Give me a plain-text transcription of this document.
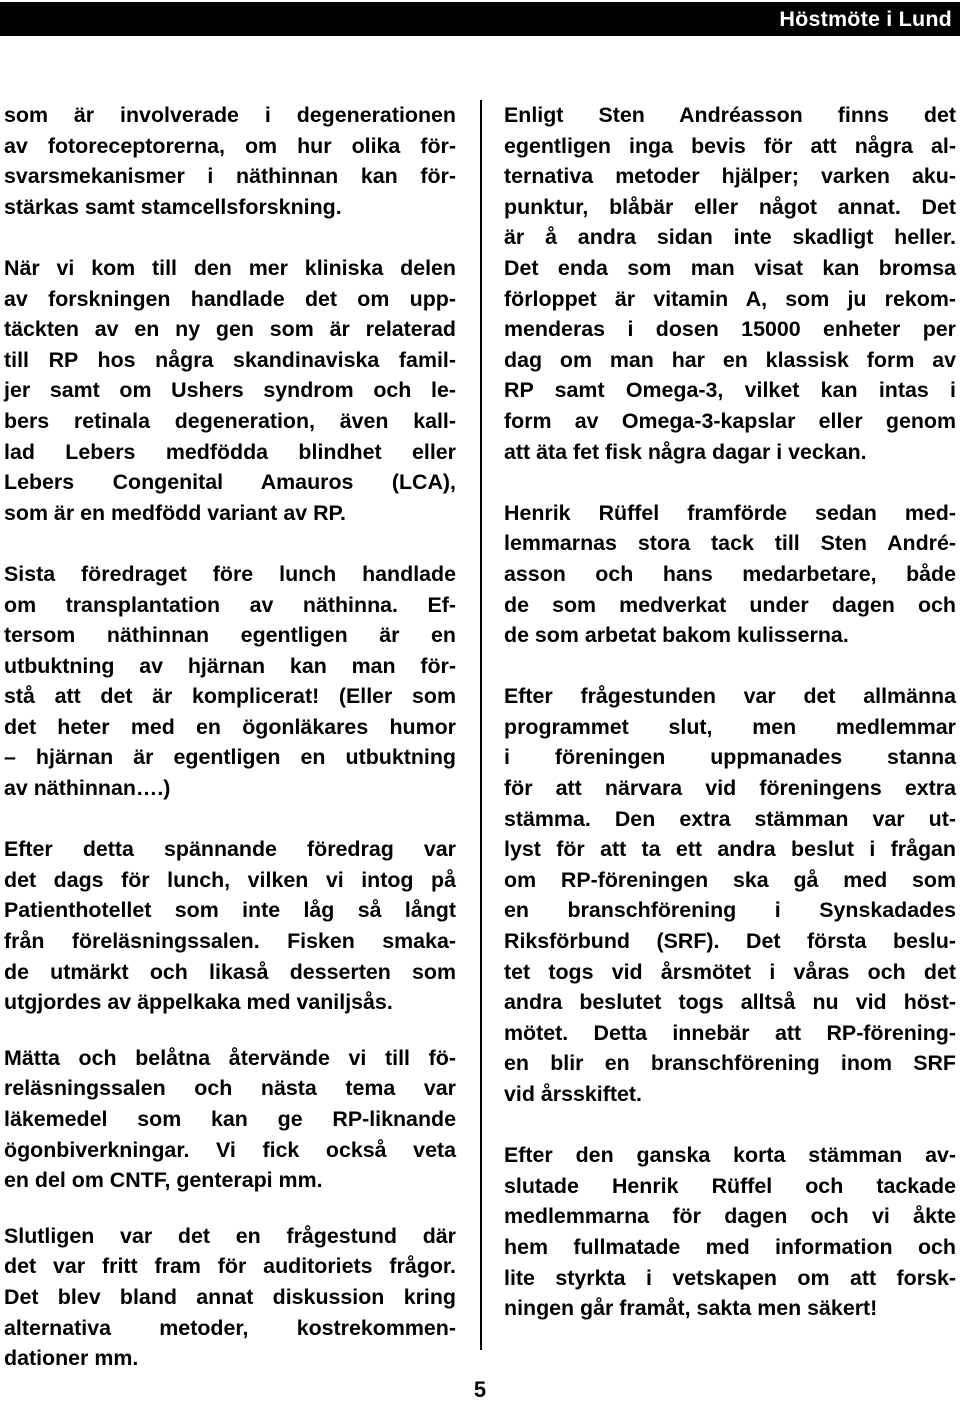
Höstmöte i Lund
som är involverade i degenerationen
av fotoreceptorerna, om hur olika för-
svarsmekanismer i näthinnan kan för-
stärkas samt stamcellsforskning.
När vi kom till den mer kliniska delen
av forskningen handlade det om upp-
täckten av en ny gen som är relaterad
till RP hos några skandinaviska famil-
jer samt om Ushers syndrom och le-
bers retinala degeneration, även kall-
lad Lebers medfödda blindhet eller
Lebers Congenital Amauros (LCA),
som är en medfödd variant av RP.
Sista föredraget före lunch handlade
om transplantation av näthinna. Ef-
tersom näthinnan egentligen är en
utbuktning av hjärnan kan man för-
stå att det är komplicerat! (Eller som
det heter med en ögonläkares humor
– hjärnan är egentligen en utbuktning
av näthinnan….)
Efter detta spännande föredrag var
det dags för lunch, vilken vi intog på
Patienthotellet som inte låg så långt
från föreläsningssalen. Fisken smaka-
de utmärkt och likaså desserten som
utgjordes av äppelkaka med vaniljsås.
Mätta och belåtna återvände vi till fö-
reläsningssalen och nästa tema var
läkemedel som kan ge RP-liknande
ögonbiverkningar. Vi fick också veta
en del om CNTF, genterapi mm.
Slutligen var det en frågestund där
det var fritt fram för auditoriets frågor.
Det blev bland annat diskussion kring
alternativa metoder, kostrekommen-
dationer mm.
Enligt Sten Andréasson finns det
egentligen inga bevis för att några al-
ternativa metoder hjälper; varken aku-
punktur, blåbär eller något annat. Det
är å andra sidan inte skadligt heller.
Det enda som man visat kan bromsa
förloppet är vitamin A, som ju rekom-
menderas i dosen 15000 enheter per
dag om man har en klassisk form av
RP samt Omega-3, vilket kan intas i
form av Omega-3-kapslar eller genom
att äta fet fisk några dagar i veckan.
Henrik Rüffel framförde sedan med-
lemmarnas stora tack till Sten André-
asson och hans medarbetare, både
de som medverkat under dagen och
de som arbetat bakom kulisserna.
Efter frågestunden var det allmänna
programmet slut, men medlemmar
i föreningen uppmanades stanna
för att närvara vid föreningens extra
stämma. Den extra stämman var ut-
lyst för att ta ett andra beslut i frågan
om RP-föreningen ska gå med som
en branschförening i Synskadades
Riksförbund (SRF). Det första beslu-
tet togs vid årsmötet i våras och det
andra beslutet togs alltså nu vid höst-
mötet. Detta innebär att RP-förening-
en blir en branschförening inom SRF
vid årsskiftet.
Efter den ganska korta stämman av-
slutade Henrik Rüffel och tackade
medlemmarna för dagen och vi åkte
hem fullmatade med information och
lite styrkta i vetskapen om att forsk-
ningen går framåt, sakta men säkert!
5
